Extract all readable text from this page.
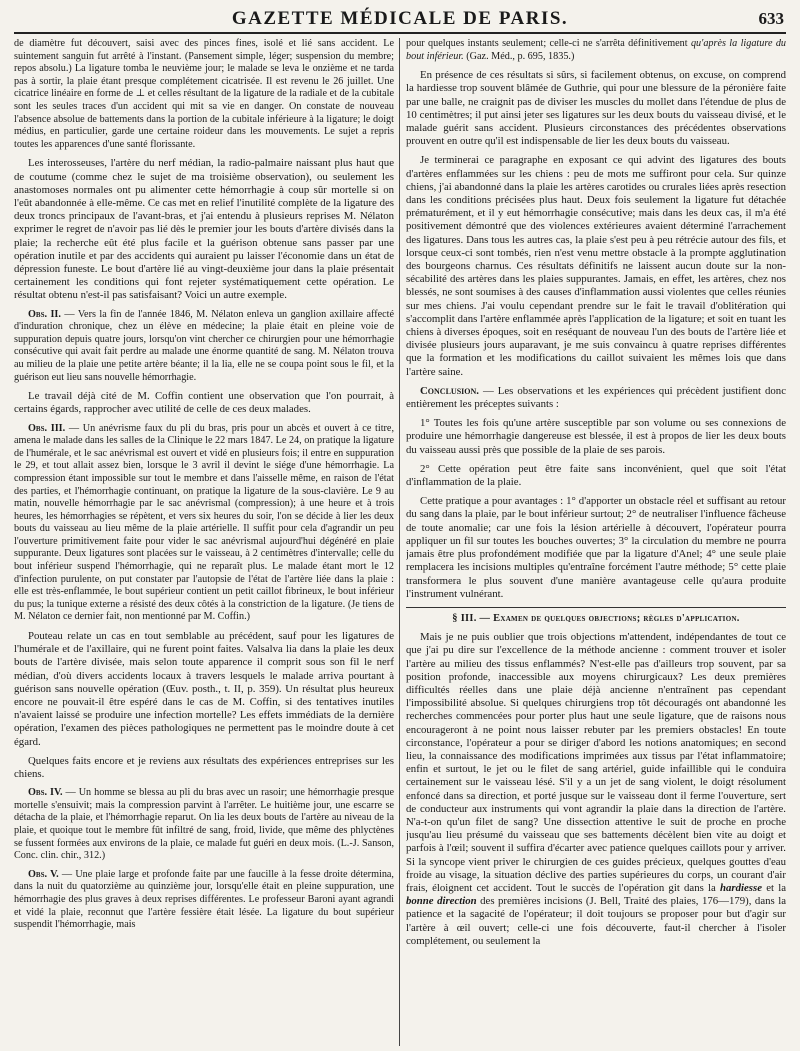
GAZETTE MÉDICALE DE PARIS.	633

de diamètre fut découvert, saisi avec des pinces fines, isolé et lié sans accident. Le suintement sanguin fut arrêté à l'instant. (Pansement simple, léger; suspension du membre; repos absolu.) La ligature tomba le neuvième jour; le malade se leva le onzième et ne tarda pas à sortir, la plaie étant presque complétement cicatrisée. Il est revenu le 26 juillet. Une cicatrice linéaire en forme de ⊥ et celles résultant de la ligature de la radiale et de la cubitale sont les seules traces d'un accident qui mit sa vie en danger. On constate de nouveau l'absence absolue de battements dans la portion de la cubitale inférieure à la ligature; le doigt médius, en particulier, garde une certaine roideur dans les mouvements. Le sujet a repris toutes les apparences d'une santé florissante.

Les interosseuses, l'artère du nerf médian, la radio-palmaire naissant plus haut que de coutume (comme chez le sujet de ma troisième observation), ou seulement les anastomoses normales ont pu alimenter cette hémorrhagie à coup sûr mortelle si on l'eût abandonnée à elle-même. Ce cas met en relief l'inutilité complète de la ligature des deux troncs principaux de l'avant-bras, et j'ai entendu à plusieurs reprises M. Nélaton exprimer le regret de n'avoir pas lié dès le premier jour les bouts d'artère divisés dans la plaie; la recherche eût été plus facile et la guérison obtenue sans passer par une opération inutile et par des accidents qui auraient pu laisser l'économie dans un état de dépression funeste. Le bout d'artère lié au vingt-deuxième jour dans la plaie présentait certainement les conditions qui font rejeter systématiquement cette opération. Le résultat obtenu n'est-il pas satisfaisant? Voici un autre exemple.

Obs. II. — Vers la fin de l'année 1846, M. Nélaton enleva un ganglion axillaire affecté d'induration chronique, chez un élève en médecine; la plaie était en pleine voie de suppuration depuis quatre jours, lorsqu'on vint chercher ce chirurgien pour une hémorrhagie consécutive qui avait fait perdre au malade une énorme quantité de sang. M. Nélaton trouva au milieu de la plaie une petite artère béante; il la lia, elle ne se coupa point sous le fil, et la guérison eut lieu sans nouvelle hémorrhagie.

Le travail déjà cité de M. Coffin contient une observation que l'on pourrait, à certains égards, rapprocher avec utilité de celle de ces deux malades.

Obs. III. — Un anévrisme faux du pli du bras, pris pour un abcès et ouvert à ce titre, amena le malade dans les salles de la Clinique le 22 mars 1847. Le 24, on pratique la ligature de l'humérale, et le sac anévrismal est ouvert et vidé en plusieurs fois; il entre en suppuration le 29, et tout allait assez bien, lorsque le 3 avril il devint le siége d'une hémorrhagie. La compression étant impossible sur tout le membre et dans l'aisselle même, en raison de l'état des parties, et l'hémorrhagie continuant, on pratique la ligature de la sous-clavière. Le 9 au matin, nouvelle hémorrhagie par le sac anévrismal (compression); à une heure et à trois heures, les hémorrhagies se répètent, et vers six heures du soir, l'on se décide à lier les deux bouts du vaisseau au lieu même de la plaie artérielle. Il suffit pour cela d'agrandir un peu l'ouverture primitivement faite pour vider le sac anévrismal aujourd'hui dégénéré en plaie suppurante. Deux ligatures sont placées sur le vaisseau, à 2 centimètres d'intervalle; celle du bout inférieur suspend l'hémorrhagie, qui ne reparaît plus. Le malade étant mort le 12 d'infection purulente, on put constater par l'autopsie de l'état de l'artère liée dans la plaie : elle est très-enflammée, le bout supérieur contient un petit caillot fibrineux, le bout inférieur du pus; la tunique externe a résisté des deux côtés à la constriction de la ligature. (Je tiens de M. Nélaton ce dernier fait, non mentionné par M. Coffin.)

Pouteau relate un cas en tout semblable au précédent, sauf pour les ligatures de l'humérale et de l'axillaire, qui ne furent point faites. Valsalva lia dans la plaie les deux bouts de l'artère divisée, mais selon toute apparence il comprit sous son fil le nerf médian, d'où divers accidents locaux à travers lesquels le malade arriva pourtant à guérison sans nouvelle opération (Œuv. posth., t. II, p. 359). Un résultat plus heureux encore ne pouvait-il être espéré dans le cas de M. Coffin, si des tentatives inutiles n'avaient laissé se produire une infection mortelle? Les effets immédiats de la dernière opération, l'examen des pièces pathologiques ne permettent pas le moindre doute à cet égard.

Quelques faits encore et je reviens aux résultats des expériences entreprises sur les chiens.

Obs. IV. — Un homme se blessa au pli du bras avec un rasoir; une hémorrhagie presque mortelle s'ensuivit; mais la compression parvint à l'arrêter. Le huitième jour, une escarre se détacha de la plaie, et l'hémorrhagie reparut. On lia les deux bouts de l'artère au niveau de la plaie, et quoique tout le membre fût infiltré de sang, froid, livide, que même des phlyctènes se fussent formées aux environs de la plaie, ce malade fut guéri en deux mois. (L.-J. Sanson, Conc. clin. chir., 312.)

Obs. V. — Une plaie large et profonde faite par une faucille à la fesse droite détermina, dans la nuit du quatorzième au quinzième jour, lorsqu'elle était en pleine suppuration, une hémorrhagie des plus graves à deux reprises différentes. Le professeur Baroni ayant agrandi et vidé la plaie, reconnut que l'artère fessière était lésée. La ligature du bout supérieur suspendit l'hémorrhagie, mais

pour quelques instants seulement; celle-ci ne s'arrêta définitivement qu'après la ligature du bout inférieur. (Gaz. Méd., p. 695, 1835.)

En présence de ces résultats si sûrs, si facilement obtenus, on excuse, on comprend la hardiesse trop souvent blâmée de Guthrie, qui pour une blessure de la péronière faite par une balle, ne craignit pas de diviser les muscles du mollet dans l'étendue de plus de 10 centimètres; il put ainsi jeter ses ligatures sur les deux bouts du vaisseau divisé, et le malade guérit sans accident. Plusieurs circonstances des précédentes observations prouvent en outre qu'il est indispensable de lier les deux bouts du vaisseau.

Je terminerai ce paragraphe en exposant ce qui advint des ligatures des bouts d'artères enflammées sur les chiens : peu de mots me suffiront pour cela. Sur quinze chiens, j'ai abandonné dans la plaie les artères carotides ou crurales liées après resection dans les conditions précisées plus haut. Deux fois seulement la ligature fut détachée prématurément, et il y eut hémorrhagie consécutive; mais dans les deux cas, il m'a été positivement démontré que des violences extérieures avaient déterminé l'arrachement des ligatures. Dans tous les autres cas, la plaie s'est peu à peu rétrécie autour des fils, et lorsque ceux-ci sont tombés, rien n'est venu mettre obstacle à la prompte agglutination des bourgeons charnus. Ces résultats définitifs ne laissent aucun doute sur la non-sécabilité des artères dans les plaies suppurantes. Jamais, en effet, les artères, chez nos blessés, ne sont soumises à des causes d'inflammation aussi violentes que celles réunies sur mes chiens. J'ai voulu cependant prendre sur le fait le travail d'oblitération qui s'accomplit dans l'artère enflammée après l'application de la ligature; et soit en tuant les chiens à diverses époques, soit en reséquant de nouveau l'un des bouts de l'artère liée et divisée plusieurs jours auparavant, je me suis convaincu à quatre reprises différentes que la formation et les modifications du caillot suivaient les mêmes lois que dans l'artère saine.

Conclusion. — Les observations et les expériences qui précèdent justifient donc entièrement les préceptes suivants :

1° Toutes les fois qu'une artère susceptible par son volume ou ses connexions de produire une hémorrhagie dangereuse est blessée, il est à propos de lier les deux bouts du vaisseau aussi près que possible de la plaie de ses parois.

2° Cette opération peut être faite sans inconvénient, quel que soit l'état d'inflammation de la plaie.

Cette pratique a pour avantages : 1° d'apporter un obstacle réel et suffisant au retour du sang dans la plaie, par le bout inférieur surtout; 2° de neutraliser l'influence fâcheuse de toute anomalie; car une fois la lésion artérielle à découvert, l'opérateur pourra appliquer un fil sur toutes les bouches ouvertes; 3° la circulation du membre ne pourra jamais être plus profondément modifiée que par la ligature d'Anel; 4° une seule plaie remplacera les incisions multiples qu'entraîne forcément l'autre méthode; 5° cette plaie transformera le plus souvent d'une manière avantageuse celle qu'aura produite l'instrument vulnérant.

§ III. — Examen de quelques objections; règles d'application.

Mais je ne puis oublier que trois objections m'attendent, indépendantes de tout ce que j'ai pu dire sur l'excellence de la méthode ancienne : comment trouver et isoler l'artère au milieu des tissus enflammés? N'est-elle pas d'ailleurs trop souvent, par sa position profonde, inaccessible aux moyens chirurgicaux? Les deux premières difficultés réelles dans une plaie déjà ancienne n'entraînent pas cependant l'impossibilité absolue. Si quelques chirurgiens trop tôt découragés ont abandonné les recherches commencées pour porter plus haut une seule ligature, que de raisons nous encourageront à ne point nous laisser rebuter par les premiers obstacles! En toute circonstance, l'opérateur a pour se diriger d'abord les notions anatomiques; en second lieu, la connaissance des modifications imprimées aux tissus par l'état inflammatoire; enfin et surtout, le jet ou le filet de sang artériel, guide infaillible qui le conduira certainement sur le vaisseau lésé. S'il y a un jet de sang violent, le doigt résolument enfoncé dans sa direction, et porté jusque sur le vaisseau dont il ferme l'ouverture, sert de conducteur aux instruments qui vont agrandir la plaie dans la direction de l'artère. N'a-t-on qu'un filet de sang? Une dissection attentive le suit de proche en proche jusqu'au lieu présumé du vaisseau que ses battements décèlent bien vite au doigt et parfois à l'œil; souvent il suffira d'écarter avec patience quelques caillots pour y arriver. Si la syncope vient priver le chirurgien de ces guides précieux, quelques gouttes d'eau froide au visage, la situation déclive des parties supérieures du corps, un courant d'air frais, éloignent cet accident. Tout le succès de l'opération git dans la hardiesse et la bonne direction des premières incisions (J. Bell, Traité des plaies, 176—179), dans la patience et la sagacité de l'opérateur; il doit toujours se proposer pour but d'agir sur l'artère à œil ouvert; celle-ci une fois découverte, faut-il chercher à l'isoler complétement, ou seulement la
